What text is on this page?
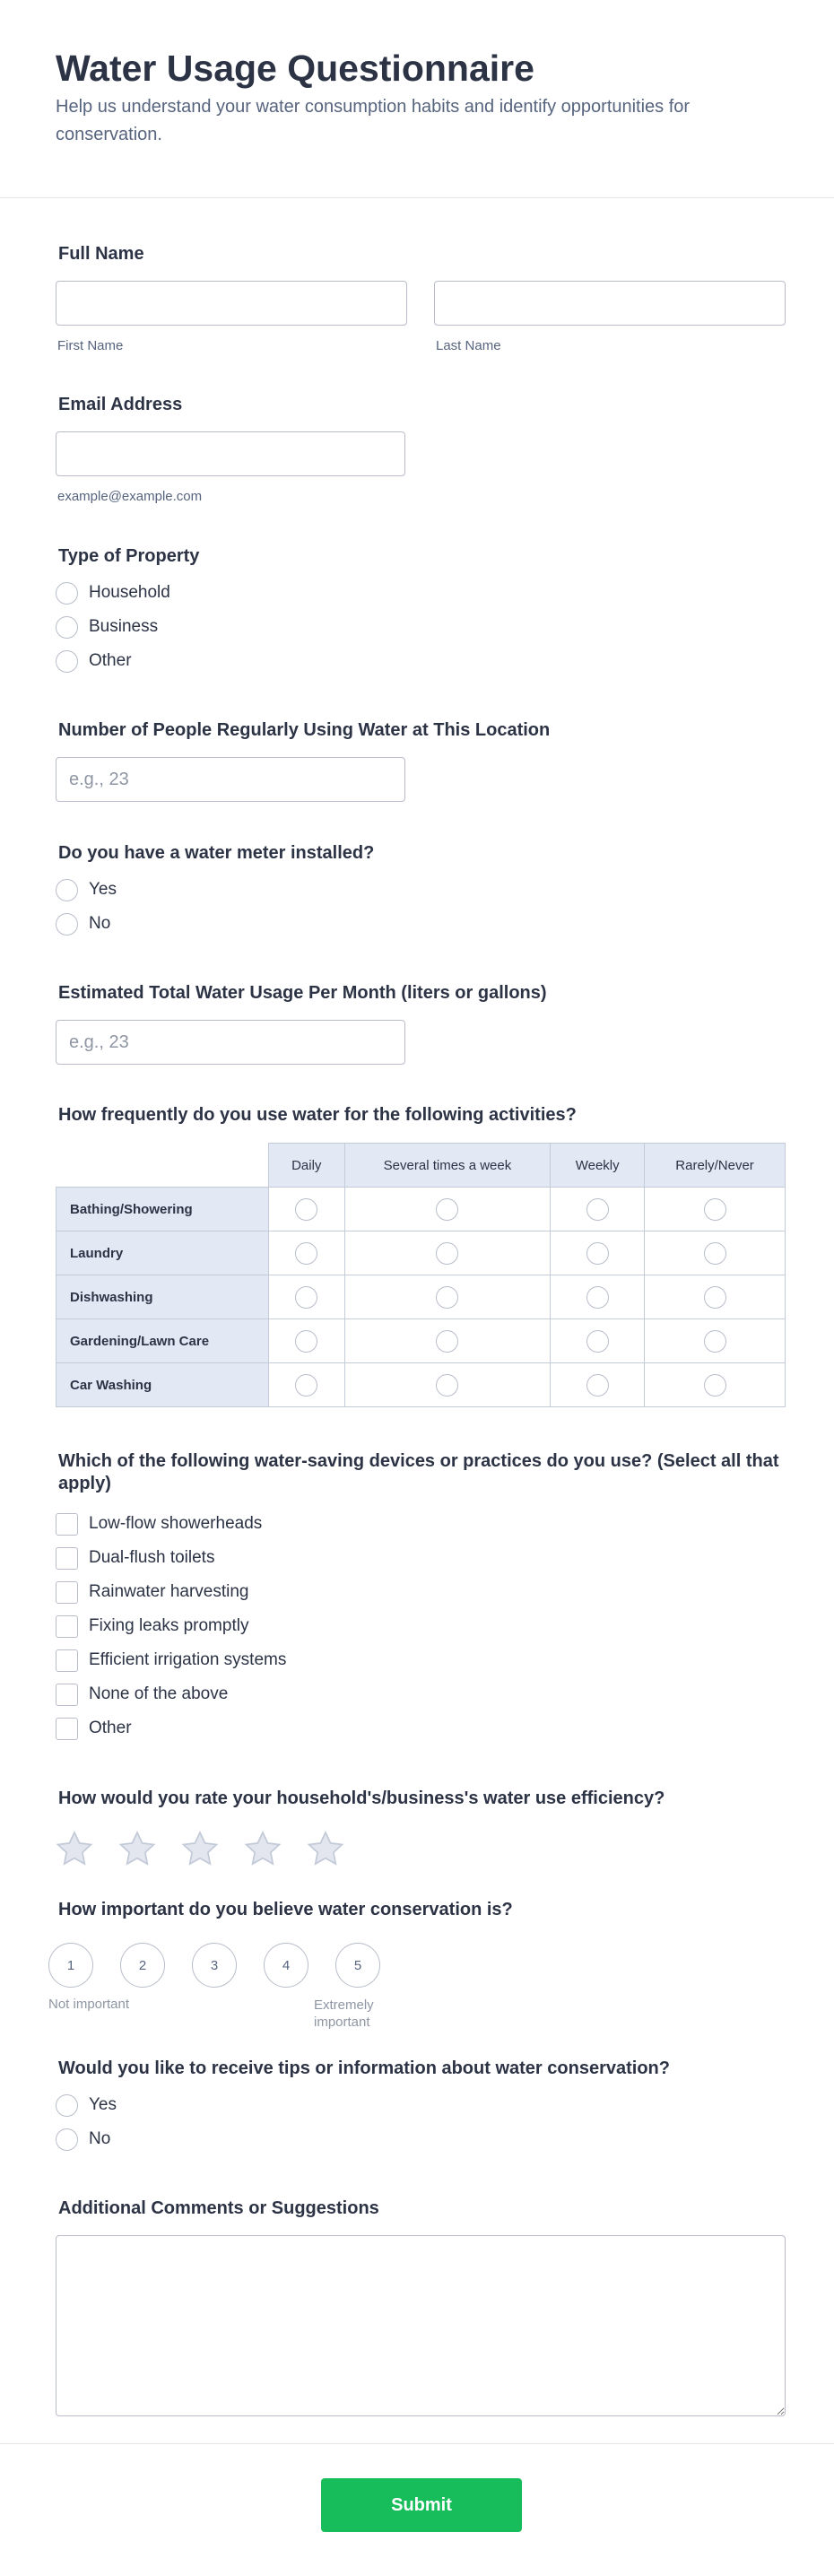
Water Usage Questionnaire

Help us understand your water consumption habits and identify opportunities for conservation.

Full Name
First Name	Last Name
Email Address
example@example.com
Type of Property
Household
Business
Other
Number of People Regularly Using Water at This Location
e.g., 23
Do you have a water meter installed?
Yes
No
Estimated Total Water Usage Per Month (liters or gallons)
e.g., 23
How frequently do you use water for the following activities?
	Daily	Several times a week	Weekly	Rarely/Never
Bathing/Showering				
Laundry				
Dishwashing				
Gardening/Lawn Care				
Car Washing				
Which of the following water-saving devices or practices do you use? (Select all that apply)
Low-flow showerheads
Dual-flush toilets
Rainwater harvesting
Fixing leaks promptly
Efficient irrigation systems
None of the above
Other
How would you rate your household's/business's water use efficiency?
How important do you believe water conservation is?
1	2	3	4	5
Not important	Extremely important
Would you like to receive tips or information about water conservation?
Yes
No
Additional Comments or Suggestions
Submit
